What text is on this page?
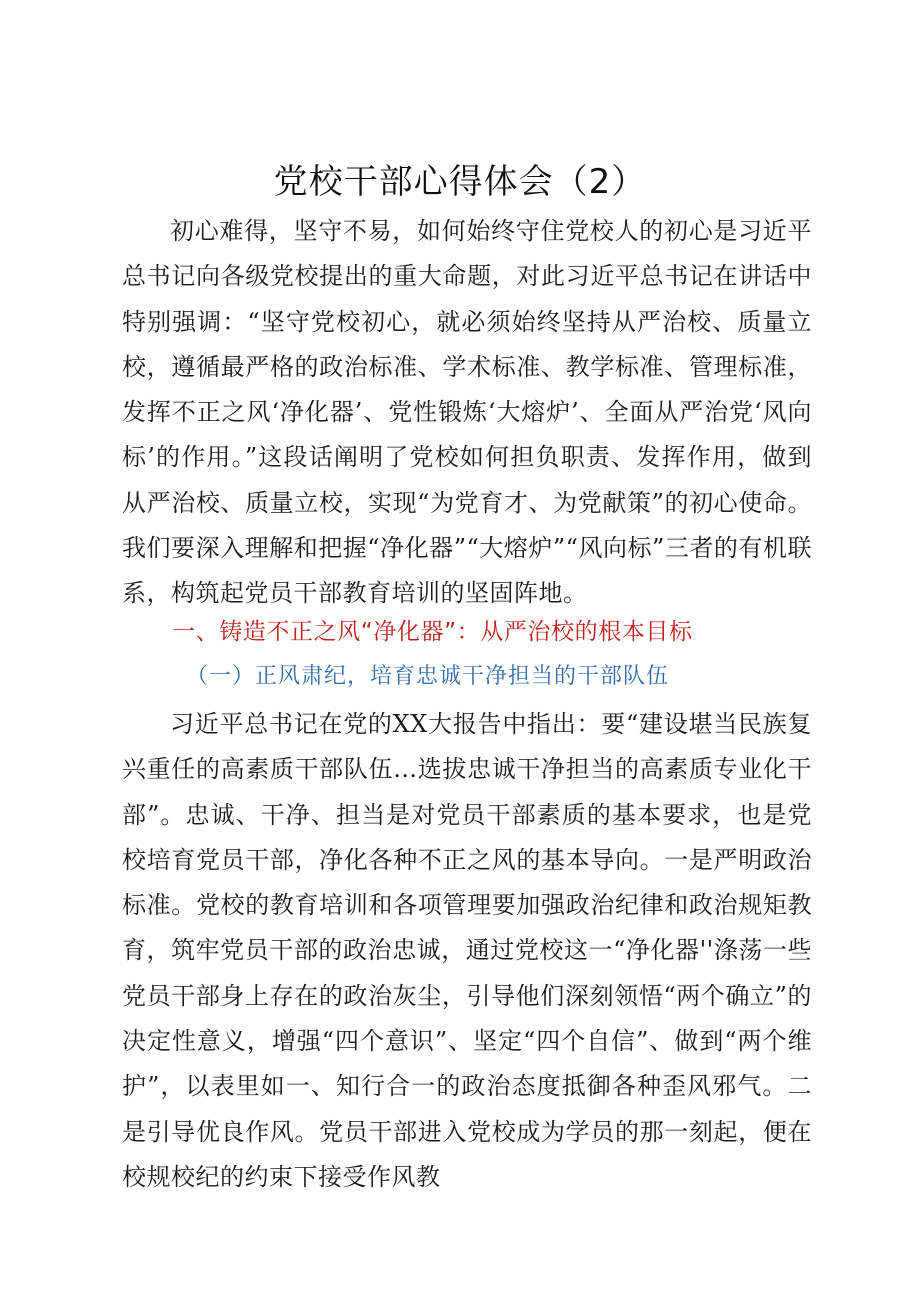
党校干部心得体会（2）

初心难得，坚守不易，如何始终守住党校人的初心是习近平总书记向各级党校提出的重大命题，对此习近平总书记在讲话中特别强调：“坚守党校初心，就必须始终坚持从严治校、质量立校，遵循最严格的政治标准、学术标准、教学标准、管理标准，发挥不正之风‘净化器’、党性锻炼‘大熔炉’、全面从严治党‘风向标’的作用。”这段话阐明了党校如何担负职责、发挥作用，做到从严治校、质量立校，实现“为党育才、为党献策”的初心使命。我们要深入理解和把握“净化器”“大熔炉”“风向标”三者的有机联系，构筑起党员干部教育培训的坚固阵地。

一、铸造不正之风“净化器”：从严治校的根本目标
（一）正风肃纪，培育忠诚干净担当的干部队伍

习近平总书记在党的XX大报告中指出：要“建设堪当民族复兴重任的高素质干部队伍…选拔忠诚干净担当的高素质专业化干部”。忠诚、干净、担当是对党员干部素质的基本要求，也是党校培育党员干部，净化各种不正之风的基本导向。一是严明政治标准。党校的教育培训和各项管理要加强政治纪律和政治规矩教育，筑牢党员干部的政治忠诚，通过党校这一“净化器''涤荡一些党员干部身上存在的政治灰尘，引导他们深刻领悟“两个确立”的决定性意义，增强“四个意识”、坚定“四个自信”、做到“两个维护”，以表里如一、知行合一的政治态度抵御各种歪风邪气。二是引导优良作风。党员干部进入党校成为学员的那一刻起，便在校规校纪的约束下接受作风教
